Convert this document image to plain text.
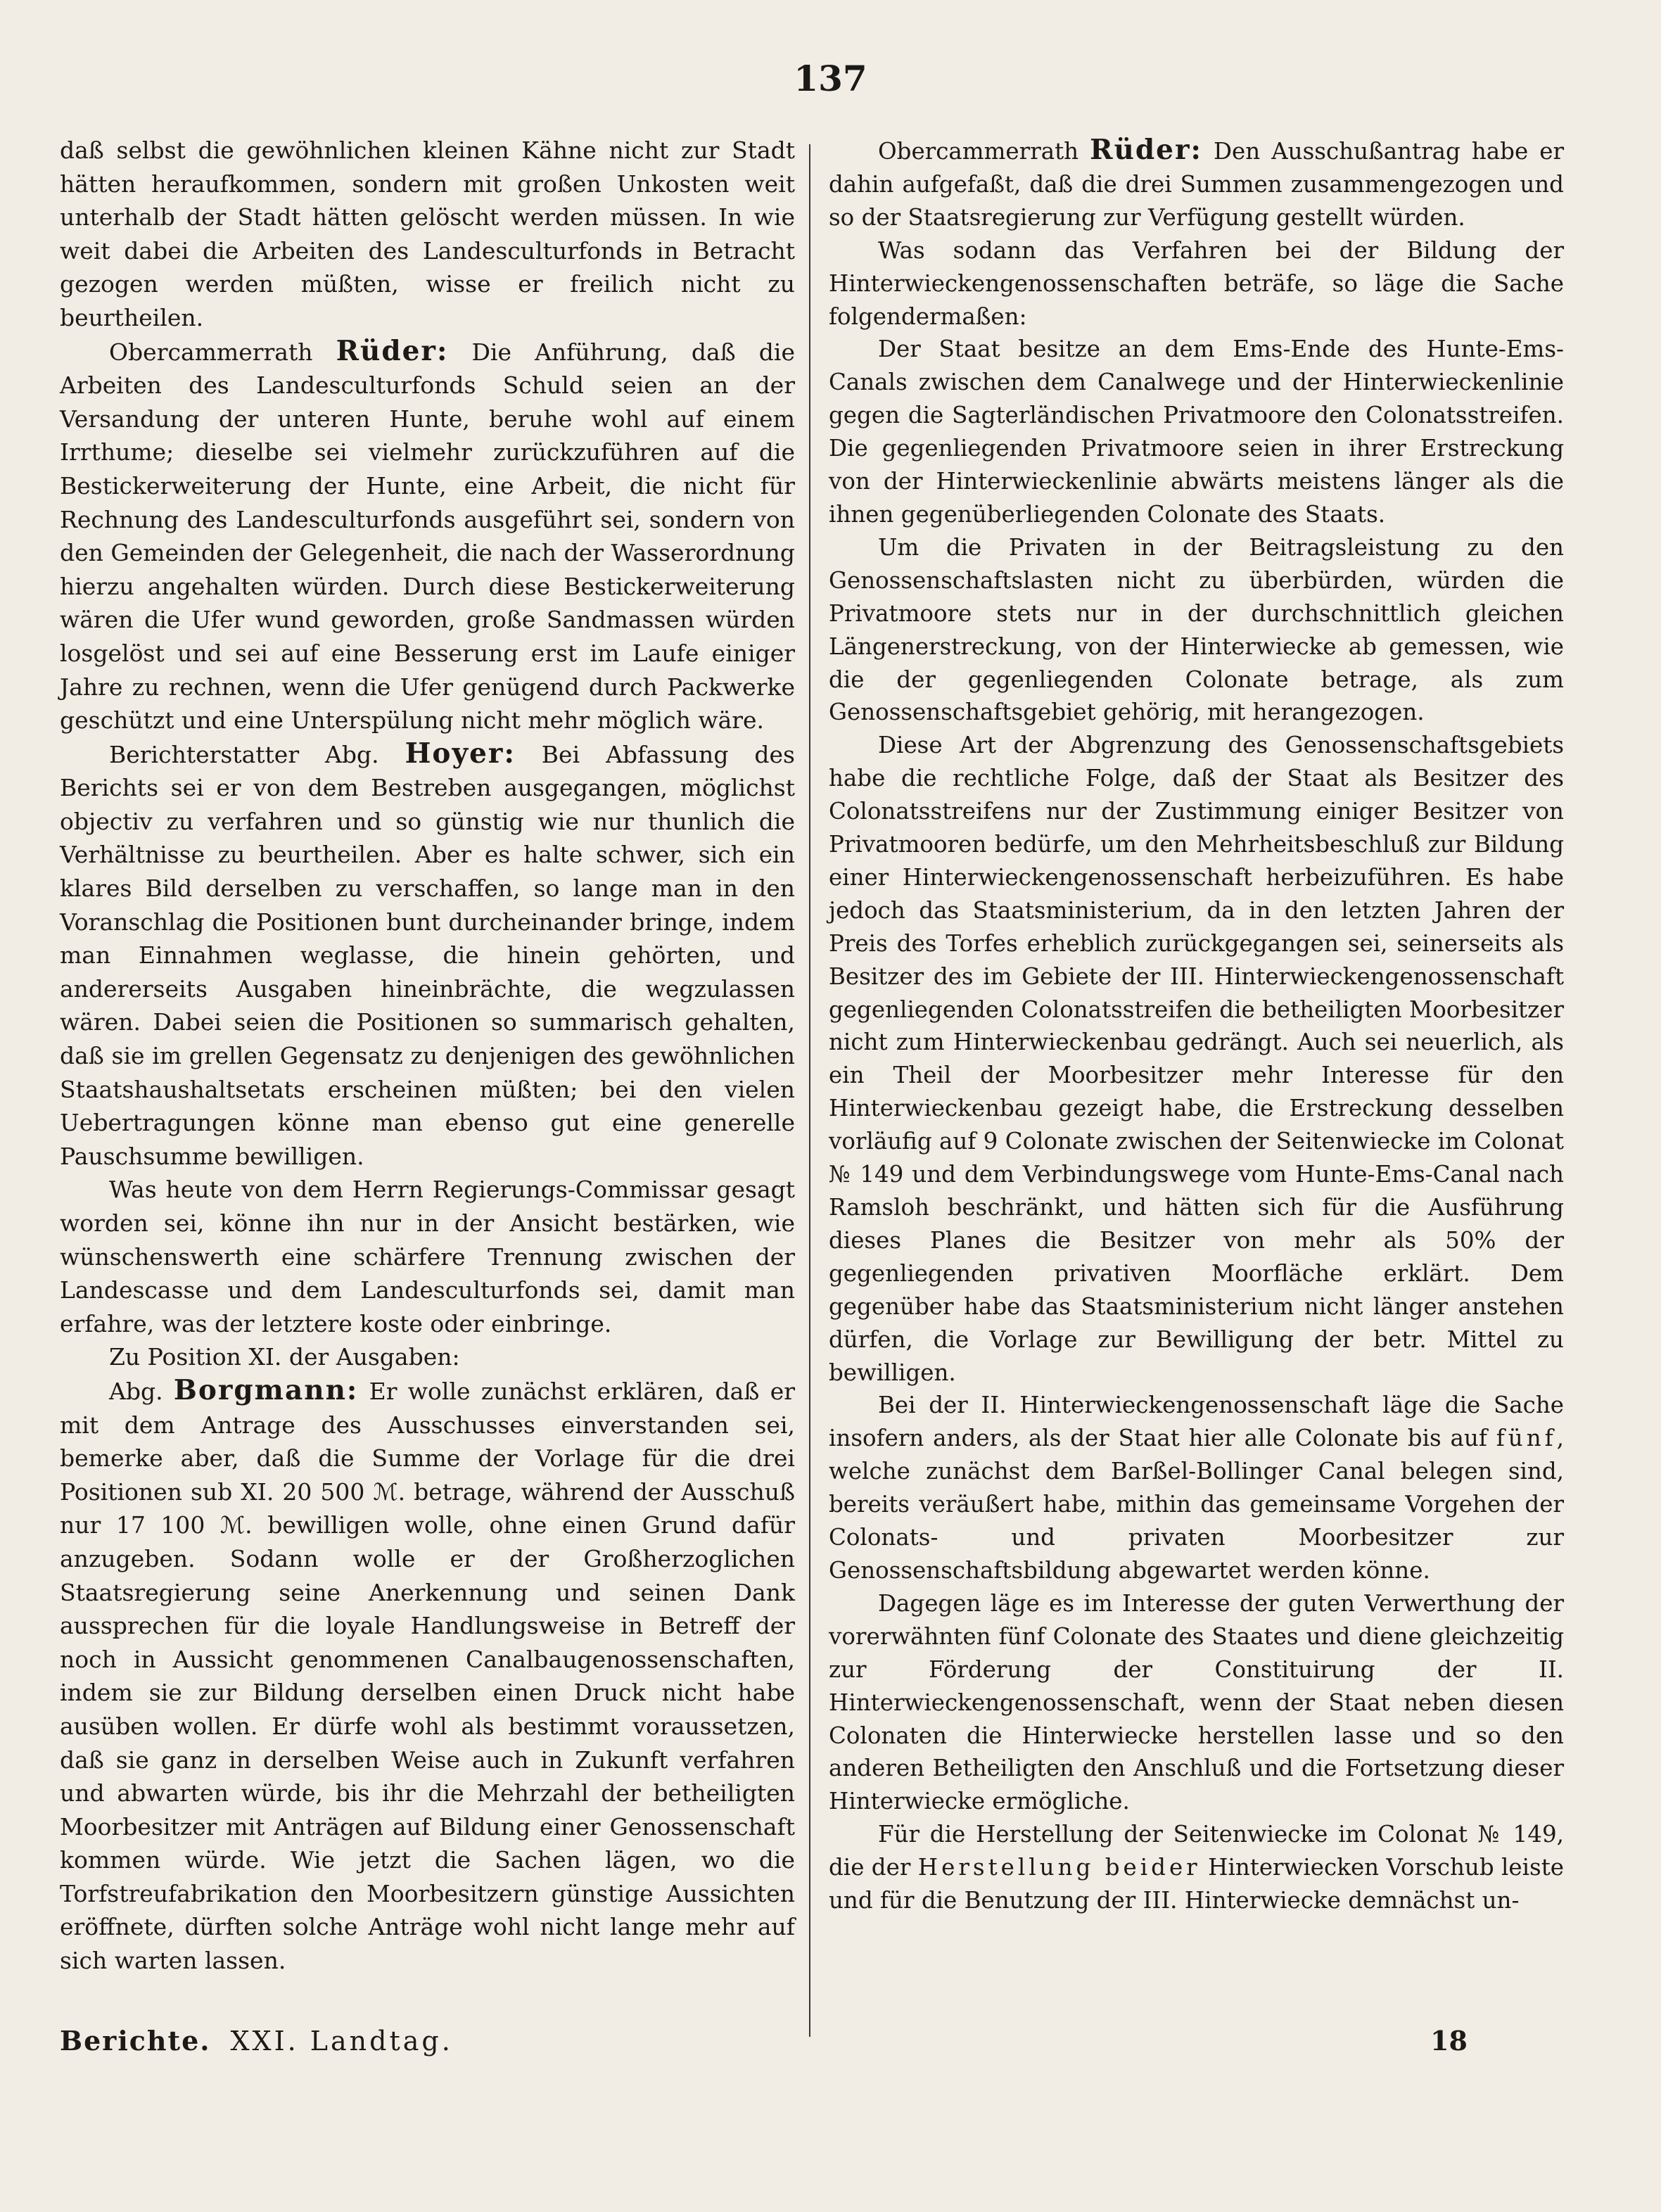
137

daß selbst die gewöhnlichen kleinen Kähne nicht zur Stadt hätten heraufkommen, sondern mit großen Unkosten weit unterhalb der Stadt hätten gelöscht werden müssen. In wie weit dabei die Arbeiten des Landesculturfonds in Betracht gezogen werden müßten, wisse er freilich nicht zu beurtheilen.

Obercammerrath Rüder: Die Anführung, daß die Arbeiten des Landesculturfonds Schuld seien an der Versandung der unteren Hunte, beruhe wohl auf einem Irrthume; dieselbe sei vielmehr zurückzuführen auf die Bestickerweiterung der Hunte, eine Arbeit, die nicht für Rechnung des Landesculturfonds ausgeführt sei, sondern von den Gemeinden der Gelegenheit, die nach der Wasserordnung hierzu angehalten würden. Durch diese Bestickerweiterung wären die Ufer wund geworden, große Sandmassen würden losgelöst und sei auf eine Besserung erst im Laufe einiger Jahre zu rechnen, wenn die Ufer genügend durch Packwerke geschützt und eine Unterspülung nicht mehr möglich wäre.

Berichterstatter Abg. Hoyer: Bei Abfassung des Berichts sei er von dem Bestreben ausgegangen, möglichst objectiv zu verfahren und so günstig wie nur thunlich die Verhältnisse zu beurtheilen. Aber es halte schwer, sich ein klares Bild derselben zu verschaffen, so lange man in den Voranschlag die Positionen bunt durcheinander bringe, indem man Einnahmen weglasse, die hinein gehörten, und andererseits Ausgaben hineinbrächte, die wegzulassen wären. Dabei seien die Positionen so summarisch gehalten, daß sie im grellen Gegensatz zu denjenigen des gewöhnlichen Staatshaushaltsetats erscheinen müßten; bei den vielen Uebertragungen könne man ebenso gut eine generelle Pauschsumme bewilligen.

Was heute von dem Herrn Regierungs-Commissar gesagt worden sei, könne ihn nur in der Ansicht bestärken, wie wünschenswerth eine schärfere Trennung zwischen der Landescasse und dem Landesculturfonds sei, damit man erfahre, was der letztere koste oder einbringe.

Zu Position XI. der Ausgaben:

Abg. Borgmann: Er wolle zunächst erklären, daß er mit dem Antrage des Ausschusses einverstanden sei, bemerke aber, daß die Summe der Vorlage für die drei Positionen sub XI. 20 500 ℳ. betrage, während der Ausschuß nur 17 100 ℳ. bewilligen wolle, ohne einen Grund dafür anzugeben. Sodann wolle er der Großherzoglichen Staatsregierung seine Anerkennung und seinen Dank aussprechen für die loyale Handlungsweise in Betreff der noch in Aussicht genommenen Canalbaugenossenschaften, indem sie zur Bildung derselben einen Druck nicht habe ausüben wollen. Er dürfe wohl als bestimmt voraussetzen, daß sie ganz in derselben Weise auch in Zukunft verfahren und abwarten würde, bis ihr die Mehrzahl der betheiligten Moorbesitzer mit Anträgen auf Bildung einer Genossenschaft kommen würde. Wie jetzt die Sachen lägen, wo die Torfstreufabrikation den Moorbesitzern günstige Aussichten eröffnete, dürften solche Anträge wohl nicht lange mehr auf sich warten lassen.

Obercammerrath Rüder: Den Ausschußantrag habe er dahin aufgefaßt, daß die drei Summen zusammengezogen und so der Staatsregierung zur Verfügung gestellt würden.

Was sodann das Verfahren bei der Bildung der Hinterwieckengenossenschaften beträfe, so läge die Sache folgendermaßen:

Der Staat besitze an dem Ems-Ende des Hunte-Ems-Canals zwischen dem Canalwege und der Hinterwieckenlinie gegen die Sagterländischen Privatmoore den Colonatsstreifen. Die gegenliegenden Privatmoore seien in ihrer Erstreckung von der Hinterwieckenlinie abwärts meistens länger als die ihnen gegenüberliegenden Colonate des Staats.

Um die Privaten in der Beitragsleistung zu den Genossenschaftslasten nicht zu überbürden, würden die Privatmoore stets nur in der durchschnittlich gleichen Längenerstreckung, von der Hinterwiecke ab gemessen, wie die der gegenliegenden Colonate betrage, als zum Genossenschaftsgebiet gehörig, mit herangezogen.

Diese Art der Abgrenzung des Genossenschaftsgebiets habe die rechtliche Folge, daß der Staat als Besitzer des Colonatsstreifens nur der Zustimmung einiger Besitzer von Privatmooren bedürfe, um den Mehrheitsbeschluß zur Bildung einer Hinterwieckengenossenschaft herbeizuführen. Es habe jedoch das Staatsministerium, da in den letzten Jahren der Preis des Torfes erheblich zurückgegangen sei, seinerseits als Besitzer des im Gebiete der III. Hinterwieckengenossenschaft gegenliegenden Colonatsstreifen die betheiligten Moorbesitzer nicht zum Hinterwieckenbau gedrängt. Auch sei neuerlich, als ein Theil der Moorbesitzer mehr Interesse für den Hinterwieckenbau gezeigt habe, die Erstreckung desselben vorläufig auf 9 Colonate zwischen der Seitenwiecke im Colonat № 149 und dem Verbindungswege vom Hunte-Ems-Canal nach Ramsloh beschränkt, und hätten sich für die Ausführung dieses Planes die Besitzer von mehr als 50% der gegenliegenden privativen Moorfläche erklärt. Dem gegenüber habe das Staatsministerium nicht länger anstehen dürfen, die Vorlage zur Bewilligung der betr. Mittel zu bewilligen.

Bei der II. Hinterwieckengenossenschaft läge die Sache insofern anders, als der Staat hier alle Colonate bis auf fünf, welche zunächst dem Barßel-Bollinger Canal belegen sind, bereits veräußert habe, mithin das gemeinsame Vorgehen der Colonats- und privaten Moorbesitzer zur Genossenschaftsbildung abgewartet werden könne.

Dagegen läge es im Interesse der guten Verwerthung der vorerwähnten fünf Colonate des Staates und diene gleichzeitig zur Förderung der Constituirung der II. Hinterwieckengenossenschaft, wenn der Staat neben diesen Colonaten die Hinterwiecke herstellen lasse und so den anderen Betheiligten den Anschluß und die Fortsetzung dieser Hinterwiecke ermögliche.

Für die Herstellung der Seitenwiecke im Colonat № 149, die der Herstellung beider Hinterwiecken Vorschub leiste und für die Benutzung der III. Hinterwiecke demnächst un-

Berichte. XXI. Landtag.	18
